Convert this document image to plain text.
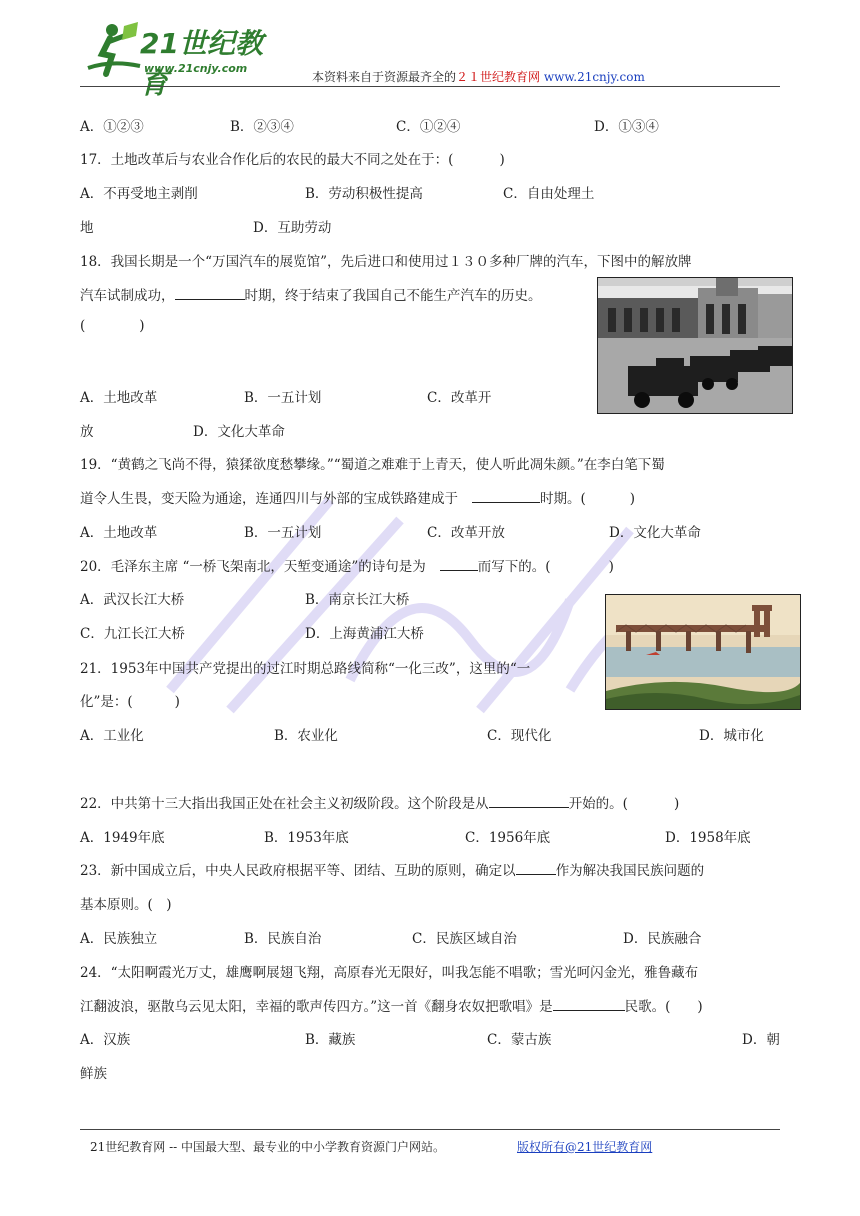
21世纪教育
www.21cnjy.com
本资料来自于资源最齐全的２１世纪教育网 www.21cnjy.com
A．①②③	B．②③④	C．①②④	D．①③④
17．土地改革后与农业合作化后的农民的最大不同之处在于：(	)
A．不再受地主剥削	B．劳动积极性提高	C．自由处理土
地	D．互助劳动
18．我国长期是一个“万国汽车的展览馆”，先后进口和使用过１３０多种厂牌的汽车，下图中的解放牌
汽车试制成功，	时期，终于结束了我国自己不能生产汽车的历史。
(	)
A．土地改革	B．一五计划	C．改革开
放	D．文化大革命
19．“黄鹤之飞尚不得，猿猱欲度愁攀缘。”“蜀道之难难于上青天，使人听此凋朱颜。”在李白笔下蜀
道令人生畏，变天险为通途，连通四川与外部的宝成铁路建成于	时期。(	)
A．土地改革	B．一五计划	C．改革开放	D．文化大革命
20．毛泽东主席 “一桥飞架南北，天堑变通途”的诗句是为	而写下的。(	)
A．武汉长江大桥	B．南京长江大桥
C．九江长江大桥	D．上海黄浦江大桥
21．1953年中国共产党提出的过江时期总路线简称“一化三改”，这里的“一
化”是：(	)
A．工业化	B．农业化	C．现代化	D．城市化
22．中共第十三大指出我国正处在社会主义初级阶段。这个阶段是从	开始的。(	)
A．1949年底	B．1953年底	C．1956年底	D．1958年底
23．新中国成立后，中央人民政府根据平等、团结、互助的原则，确定以	作为解决我国民族问题的
基本原则。(　)
A．民族独立	B．民族自治	C．民族区域自治	D．民族融合
24．“太阳啊霞光万丈，雄鹰啊展翅飞翔，高原春光无限好，叫我怎能不唱歌；雪光呵闪金光，雅鲁藏布
江翻波浪，驱散乌云见太阳，幸福的歌声传四方。”这一首《翻身农奴把歌唱》是	民歌。(　　)
A．汉族	B．藏族	C．蒙古族	D．朝
鲜族
21世纪教育网 -- 中国最大型、最专业的中小学教育资源门户网站。	版权所有@21世纪教育网
